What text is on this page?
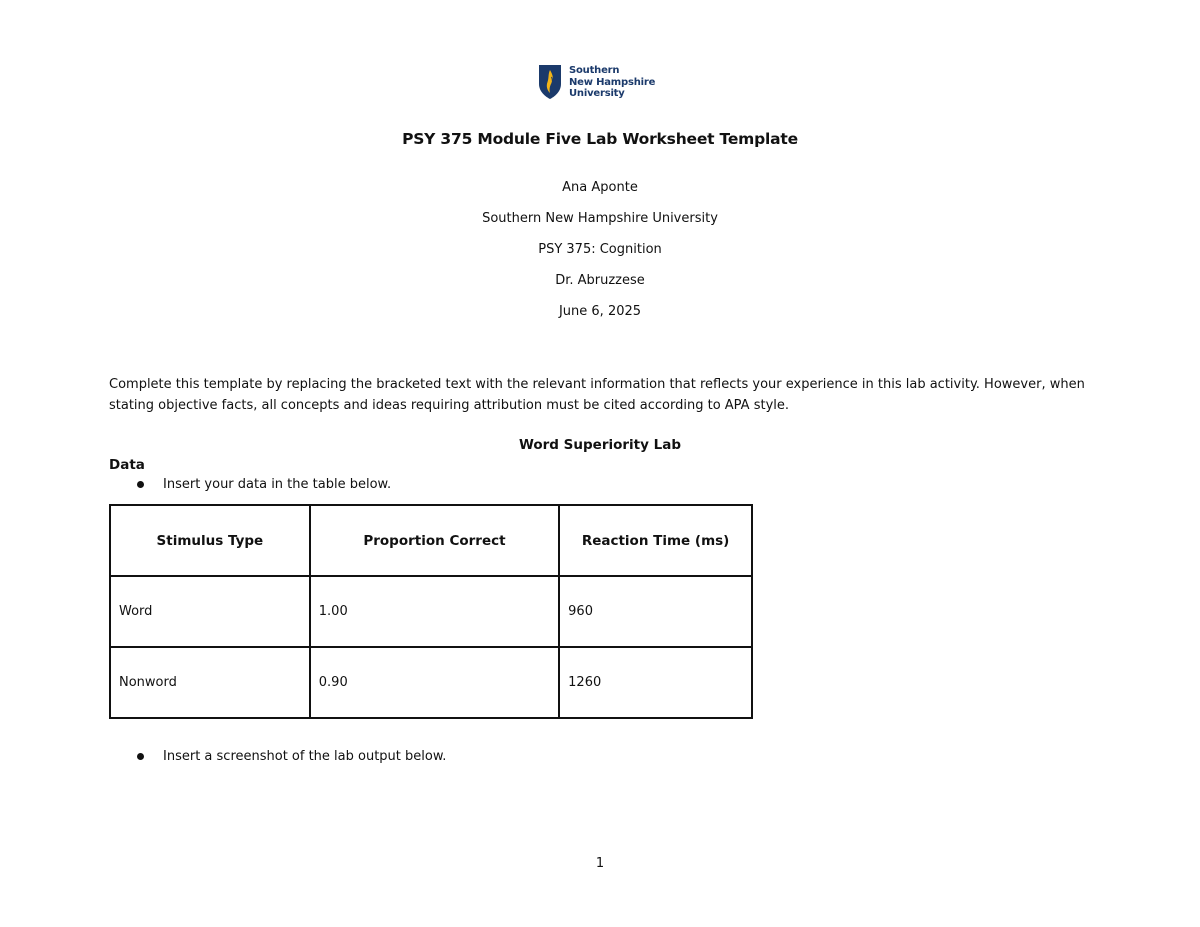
Southern
New Hampshire
University
PSY 375 Module Five Lab Worksheet Template
Ana Aponte
Southern New Hampshire University
PSY 375: Cognition
Dr. Abruzzese
June 6, 2025
Complete this template by replacing the bracketed text with the relevant information that reflects your experience in this lab activity. However, when stating objective facts, all concepts and ideas requiring attribution must be cited according to APA style.
Word Superiority Lab
Data
Insert your data in the table below.
Stimulus Type	Proportion Correct	Reaction Time (ms)
Word	1.00	960
Nonword	0.90	1260
Insert a screenshot of the lab output below.
1
